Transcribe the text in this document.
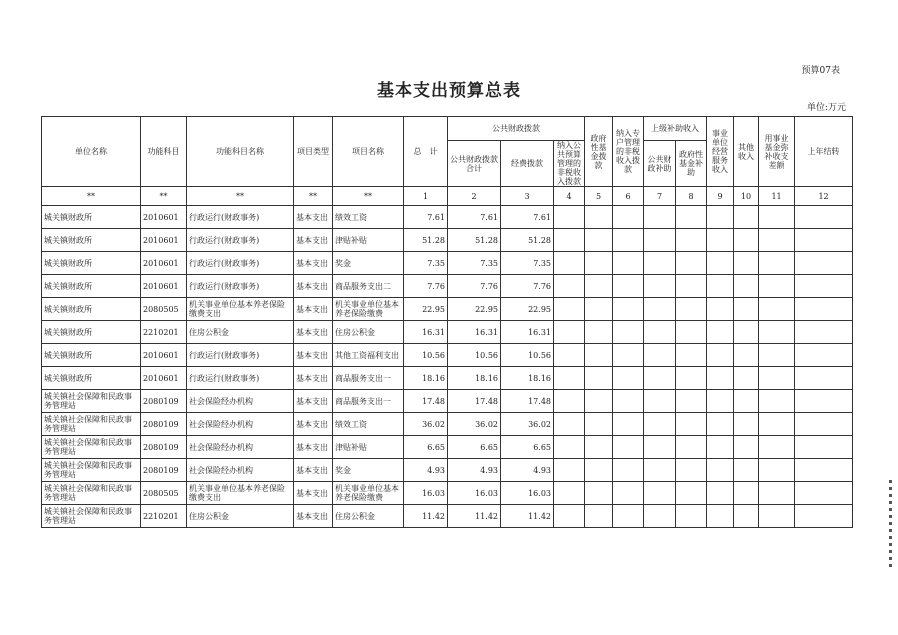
预算07表
基本支出预算总表
单位:万元
单位名称	功能科目	功能科目名称	项目类型	项目名称	总　计	公共财政拨款			政府性基金拨款	纳入专户管理的非税收入拨款	上级补助收入		事业单位经营服务收入	其他收入	用事业基金弥补收支差额	上年结转
						公共财政拨款合计	经费拨款	纳入公共预算管理的非税收入拨款			公共财政补助	政府性基金补助				
**	**	**	**	**	1	2	3	4	5	6	7	8	9	10	11	12
城关镇财政所	2010601	行政运行(财政事务)	基本支出	绩效工资	7.61	7.61	7.61									
城关镇财政所	2010601	行政运行(财政事务)	基本支出	津贴补贴	51.28	51.28	51.28									
城关镇财政所	2010601	行政运行(财政事务)	基本支出	奖金	7.35	7.35	7.35									
城关镇财政所	2010601	行政运行(财政事务)	基本支出	商品服务支出二	7.76	7.76	7.76									
城关镇财政所	2080505	机关事业单位基本养老保险缴费支出	基本支出	机关事业单位基本养老保险缴费	22.95	22.95	22.95									
城关镇财政所	2210201	住房公积金	基本支出	住房公积金	16.31	16.31	16.31									
城关镇财政所	2010601	行政运行(财政事务)	基本支出	其他工资福利支出	10.56	10.56	10.56									
城关镇财政所	2010601	行政运行(财政事务)	基本支出	商品服务支出一	18.16	18.16	18.16									
城关镇社会保障和民政事务管理站	2080109	社会保险经办机构	基本支出	商品服务支出一	17.48	17.48	17.48									
城关镇社会保障和民政事务管理站	2080109	社会保险经办机构	基本支出	绩效工资	36.02	36.02	36.02									
城关镇社会保障和民政事务管理站	2080109	社会保险经办机构	基本支出	津贴补贴	6.65	6.65	6.65									
城关镇社会保障和民政事务管理站	2080109	社会保险经办机构	基本支出	奖金	4.93	4.93	4.93									
城关镇社会保障和民政事务管理站	2080505	机关事业单位基本养老保险缴费支出	基本支出	机关事业单位基本养老保险缴费	16.03	16.03	16.03									
城关镇社会保障和民政事务管理站	2210201	住房公积金	基本支出	住房公积金	11.42	11.42	11.42									
